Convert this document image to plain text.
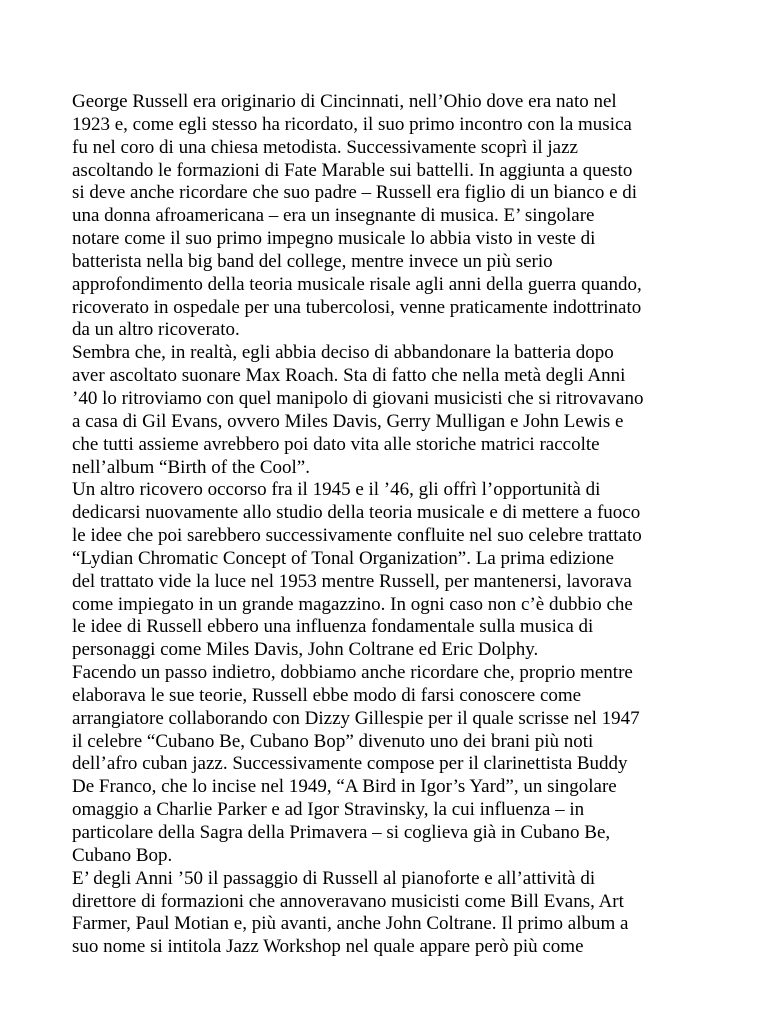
George Russell era originario di Cincinnati, nell’Ohio dove era nato nel
1923 e, come egli stesso ha ricordato, il suo primo incontro con la musica
fu nel coro di una chiesa metodista. Successivamente scoprì il jazz
ascoltando le formazioni di Fate Marable sui battelli. In aggiunta a questo
si deve anche ricordare che suo padre – Russell era figlio di un bianco e di
una donna afroamericana – era un insegnante di musica. E’ singolare
notare come il suo primo impegno musicale lo abbia visto in veste di
batterista nella big band del college, mentre invece un più serio
approfondimento della teoria musicale risale agli anni della guerra quando,
ricoverato in ospedale per una tubercolosi, venne praticamente indottrinato
da un altro ricoverato.
Sembra che, in realtà, egli abbia deciso di abbandonare la batteria dopo
aver ascoltato suonare Max Roach. Sta di fatto che nella metà degli Anni
’40 lo ritroviamo con quel manipolo di giovani musicisti che si ritrovavano
a casa di Gil Evans, ovvero Miles Davis, Gerry Mulligan e John Lewis e
che tutti assieme avrebbero poi dato vita alle storiche matrici raccolte
nell’album “Birth of the Cool”.
Un altro ricovero occorso fra il 1945 e il ’46, gli offrì l’opportunità di
dedicarsi nuovamente allo studio della teoria musicale e di mettere a fuoco
le idee che poi sarebbero successivamente confluite nel suo celebre trattato
“Lydian Chromatic Concept of Tonal Organization”. La prima edizione
del trattato vide la luce nel 1953 mentre Russell, per mantenersi, lavorava
come impiegato in un grande magazzino. In ogni caso non c’è dubbio che
le idee di Russell ebbero una influenza fondamentale sulla musica di
personaggi come Miles Davis, John Coltrane ed Eric Dolphy.
Facendo un passo indietro, dobbiamo anche ricordare che, proprio mentre
elaborava le sue teorie, Russell ebbe modo di farsi conoscere come
arrangiatore collaborando con Dizzy Gillespie per il quale scrisse nel 1947
il celebre “Cubano Be, Cubano Bop” divenuto uno dei brani più noti
dell’afro cuban jazz. Successivamente compose per il clarinettista Buddy
De Franco, che lo incise nel 1949, “A Bird in Igor’s Yard”, un singolare
omaggio a Charlie Parker e ad Igor Stravinsky, la cui influenza – in
particolare della Sagra della Primavera – si coglieva già in Cubano Be,
Cubano Bop.
E’ degli Anni ’50 il passaggio di Russell al pianoforte e all’attività di
direttore di formazioni che annoveravano musicisti come Bill Evans, Art
Farmer, Paul Motian e, più avanti, anche John Coltrane. Il primo album a
suo nome si intitola Jazz Workshop nel quale appare però più come
